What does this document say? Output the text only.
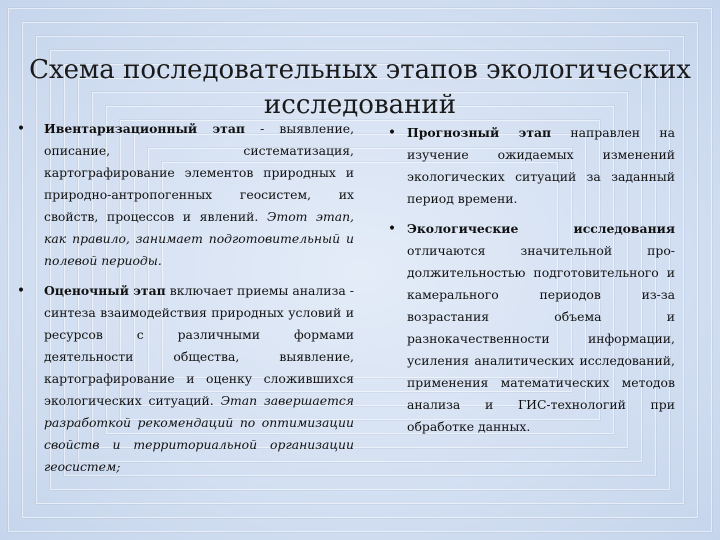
Схема последовательных этапов экологических
исследований
• Ивентаризационный этап - выявление, описание, систематизация, картографирование элементов природных и природно-антропогенных геосистем, их свойств, процессов и явлений. Этот этап, как правило, занимает подготовительный и полевой периоды.
• Оценочный этап включает приемы анализа - синтеза взаимодействия природных условий и ресурсов с различными формами деятельности общества, выявление, картографирование и оценку сложившихся экологических ситуаций. Этап завершается разработкой рекомендаций по оптимизации свойств и территориальной организации геосистем;
• Прогнозный этап направлен на изучение ожидаемых изменений экологических ситуаций за заданный период времени.
• Экологические исследования отличаются значительной про-должительностью подготовительного и камерального периодов из-за возрастания объема и разнокачественности информации, усиления аналитических исследований, применения математических методов анализа и ГИС-технологий при обработке данных.
